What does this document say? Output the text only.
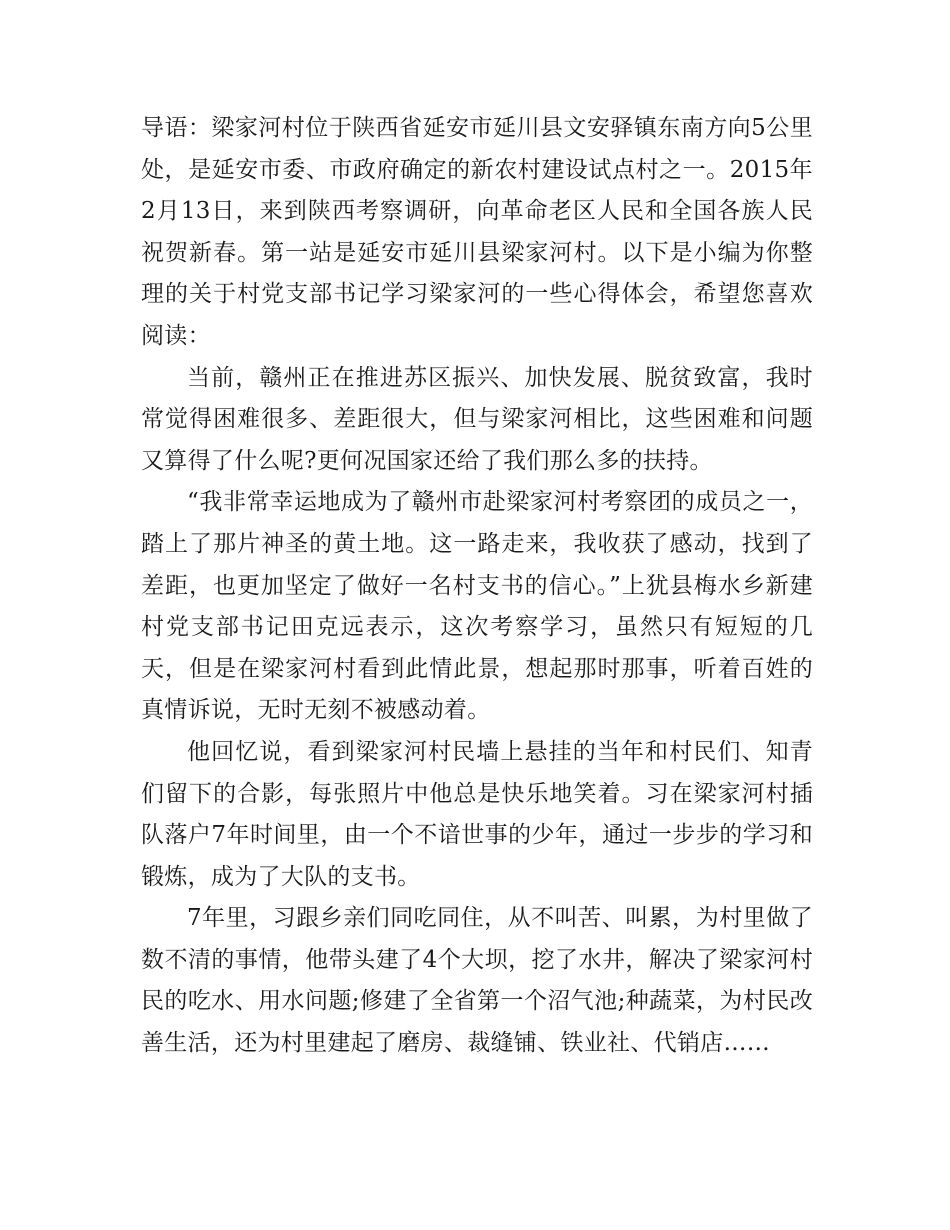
导语：梁家河村位于陕西省延安市延川县文安驿镇东南方向5公里处，是延安市委、市政府确定的新农村建设试点村之一。2015年2月13日，来到陕西考察调研，向革命老区人民和全国各族人民祝贺新春。第一站是延安市延川县梁家河村。以下是小编为你整理的关于村党支部书记学习梁家河的一些心得体会，希望您喜欢阅读：

当前，赣州正在推进苏区振兴、加快发展、脱贫致富，我时常觉得困难很多、差距很大，但与梁家河相比，这些困难和问题又算得了什么呢?更何况国家还给了我们那么多的扶持。

“我非常幸运地成为了赣州市赴梁家河村考察团的成员之一，踏上了那片神圣的黄土地。这一路走来，我收获了感动，找到了差距，也更加坚定了做好一名村支书的信心。”上犹县梅水乡新建村党支部书记田克远表示，这次考察学习，虽然只有短短的几天，但是在梁家河村看到此情此景，想起那时那事，听着百姓的真情诉说，无时无刻不被感动着。

他回忆说，看到梁家河村民墙上悬挂的当年和村民们、知青们留下的合影，每张照片中他总是快乐地笑着。习在梁家河村插队落户7年时间里，由一个不谙世事的少年，通过一步步的学习和锻炼，成为了大队的支书。

7年里，习跟乡亲们同吃同住，从不叫苦、叫累，为村里做了数不清的事情，他带头建了4个大坝，挖了水井，解决了梁家河村民的吃水、用水问题;修建了全省第一个沼气池;种蔬菜，为村民改善生活，还为村里建起了磨房、裁缝铺、铁业社、代销店……
